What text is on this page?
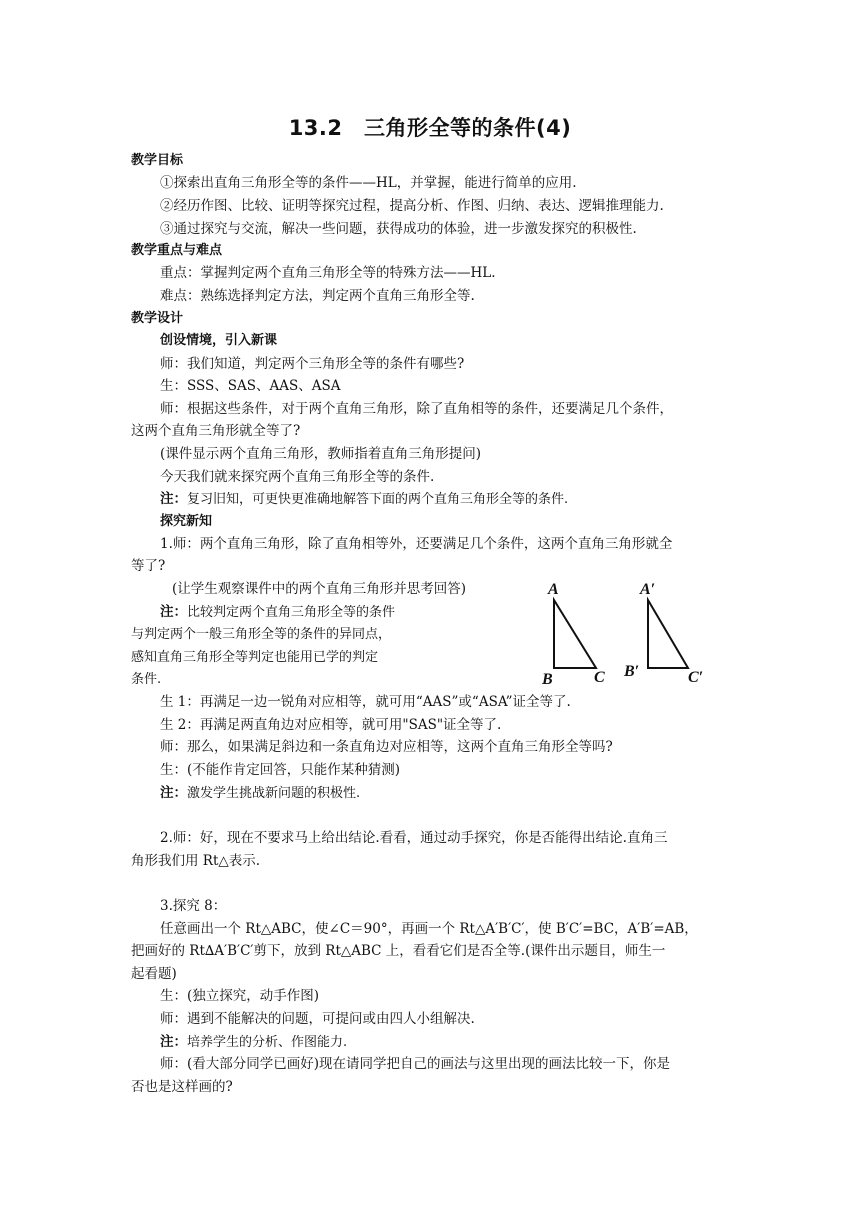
13.2　三角形全等的条件(4)
教学目标
①探索出直角三角形全等的条件——HL，并掌握，能进行简单的应用.
②经历作图、比较、证明等探究过程，提高分析、作图、归纳、表达、逻辑推理能力.
③通过探究与交流，解决一些问题，获得成功的体验，进一步激发探究的积极性.
教学重点与难点
重点：掌握判定两个直角三角形全等的特殊方法——HL.
难点：熟练选择判定方法，判定两个直角三角形全等.
教学设计
创设情境，引入新课
师：我们知道，判定两个三角形全等的条件有哪些?
生：SSS、SAS、AAS、ASA
师：根据这些条件，对于两个直角三角形，除了直角相等的条件，还要满足几个条件，
这两个直角三角形就全等了?
(课件显示两个直角三角形，教师指着直角三角形提问)
今天我们就来探究两个直角三角形全等的条件.
注：复习旧知，可更快更准确地解答下面的两个直角三角形全等的条件.
探究新知
1.师：两个直角三角形，除了直角相等外，还要满足几个条件，这两个直角三角形就全
等了?
(让学生观察课件中的两个直角三角形并思考回答)
注：比较判定两个直角三角形全等的条件
与判定两个一般三角形全等的条件的异同点，
感知直角三角形全等判定也能用已学的判定
条件.
A
B	C
A′
B′	C′
生 1：再满足一边一锐角对应相等，就可用“AAS”或“ASA”证全等了.
生 2：再满足两直角边对应相等，就可用"SAS"证全等了.
师：那么，如果满足斜边和一条直角边对应相等，这两个直角三角形全等吗?
生：(不能作肯定回答，只能作某种猜测)
注：激发学生挑战新问题的积极性.
2.师：好，现在不要求马上给出结论.看看，通过动手探究，你是否能得出结论.直角三
角形我们用 Rt△表示.
3.探究 8：
任意画出一个 Rt△ABC，使∠C＝90°，再画一个 Rt△A′B′C′，使 B′C′=BC，A′B′=AB，
把画好的 Rt∆A′B′C′剪下，放到 Rt△ABC 上，看看它们是否全等.(课件出示题目，师生一
起看题)
生：(独立探究，动手作图)
师：遇到不能解决的问题，可提问或由四人小组解决.
注：培养学生的分析、作图能力.
师：(看大部分同学已画好)现在请同学把自己的画法与这里出现的画法比较一下，你是
否也是这样画的?
